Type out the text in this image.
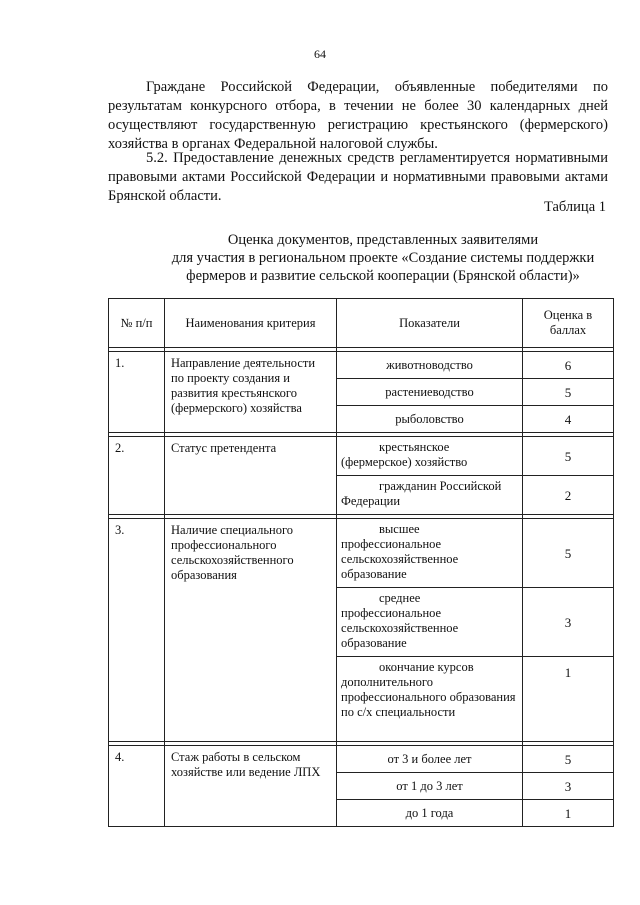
64
Граждане Российской Федерации, объявленные победителями по результатам конкурсного отбора, в течении не более 30 календарных дней осуществляют государственную регистрацию крестьянского (фермерского) хозяйства в органах Федеральной налоговой службы.
5.2. Предоставление денежных средств регламентируется нормативными правовыми актами Российской Федерации и нормативными правовыми актами Брянской области.
Таблица 1
Оценка документов, представленных заявителями
для участия в региональном проекте «Создание системы поддержки
фермеров и развитие сельской кооперации (Брянской области)»
№ п/п	Наименования критерия	Показатели	Оценка в баллах

1.	Направление деятельности по проекту создания и развития крестьянского (фермерского) хозяйства	животноводство	6
		растениеводство	5
		рыболовство	4

2.	Статус претендента	крестьянское
(фермерское) хозяйство	5

		гражданин Российской
Федерации	2

3.	Наличие специального профессионального сельскохозяйственного образования	высшее
профессиональное сельскохозяйственное образование	5

		среднее
профессиональное сельскохозяйственное образование	3

		окончание курсов
дополнительного профессионального образования по с/х специальности	1

4.	Стаж работы в сельском хозяйстве или ведение ЛПХ	от 3 и более лет	5
		от 1 до 3 лет	3
		до 1 года	1
